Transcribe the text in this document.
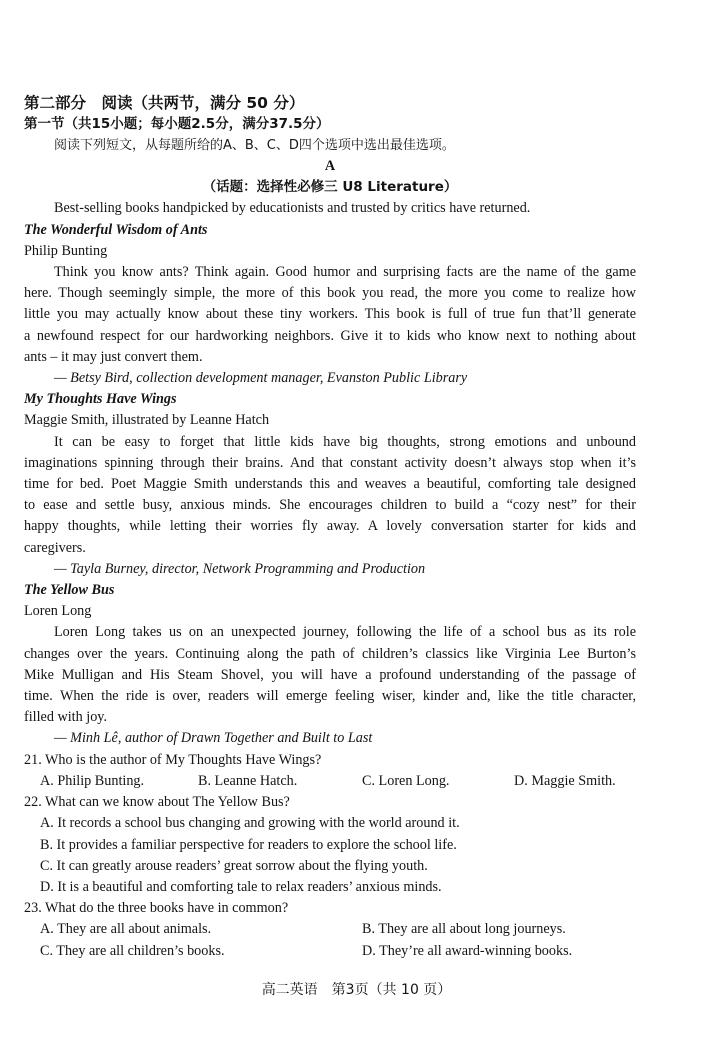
第二部分　阅读（共两节，满分 50 分）
第一节（共15小题；每小题2.5分，满分37.5分）
阅读下列短文，从每题所给的A、B、C、D四个选项中选出最佳选项。
A
（话题：选择性必修三 U8 Literature）
Best-selling books handpicked by educationists and trusted by critics have returned.
The Wonderful Wisdom of Ants
Philip Bunting
Think you know ants? Think again. Good humor and surprising facts are the name of the game
here. Though seemingly simple, the more of this book you read, the more you come to realize how
little you may actually know about these tiny workers. This book is full of true fun that’ll generate
a newfound respect for our hardworking neighbors. Give it to kids who know next to nothing about
ants – it may just convert them.
— Betsy Bird, collection development manager, Evanston Public Library
My Thoughts Have Wings
Maggie Smith, illustrated by Leanne Hatch
It can be easy to forget that little kids have big thoughts, strong emotions and unbound
imaginations spinning through their brains. And that constant activity doesn’t always stop when it’s
time for bed. Poet Maggie Smith understands this and weaves a beautiful, comforting tale designed
to ease and settle busy, anxious minds. She encourages children to build a “cozy nest” for their
happy thoughts, while letting their worries fly away. A lovely conversation starter for kids and
caregivers.
— Tayla Burney, director, Network Programming and Production
The Yellow Bus
Loren Long
Loren Long takes us on an unexpected journey, following the life of a school bus as its role
changes over the years. Continuing along the path of children’s classics like Virginia Lee Burton’s
Mike Mulligan and His Steam Shovel, you will have a profound understanding of the passage of
time. When the ride is over, readers will emerge feeling wiser, kinder and, like the title character,
filled with joy.
— Minh Lê, author of Drawn Together and Built to Last
21. Who is the author of My Thoughts Have Wings?
A. Philip Bunting.	B. Leanne Hatch.	C. Loren Long.	D. Maggie Smith.
22. What can we know about The Yellow Bus?
A. It records a school bus changing and growing with the world around it.
B. It provides a familiar perspective for readers to explore the school life.
C. It can greatly arouse readers’ great sorrow about the flying youth.
D. It is a beautiful and comforting tale to relax readers’ anxious minds.
23. What do the three books have in common?
A. They are all about animals.	B. They are all about long journeys.
C. They are all children’s books.	D. They’re all award-winning books.
高二英语　第3页（共 10 页）
